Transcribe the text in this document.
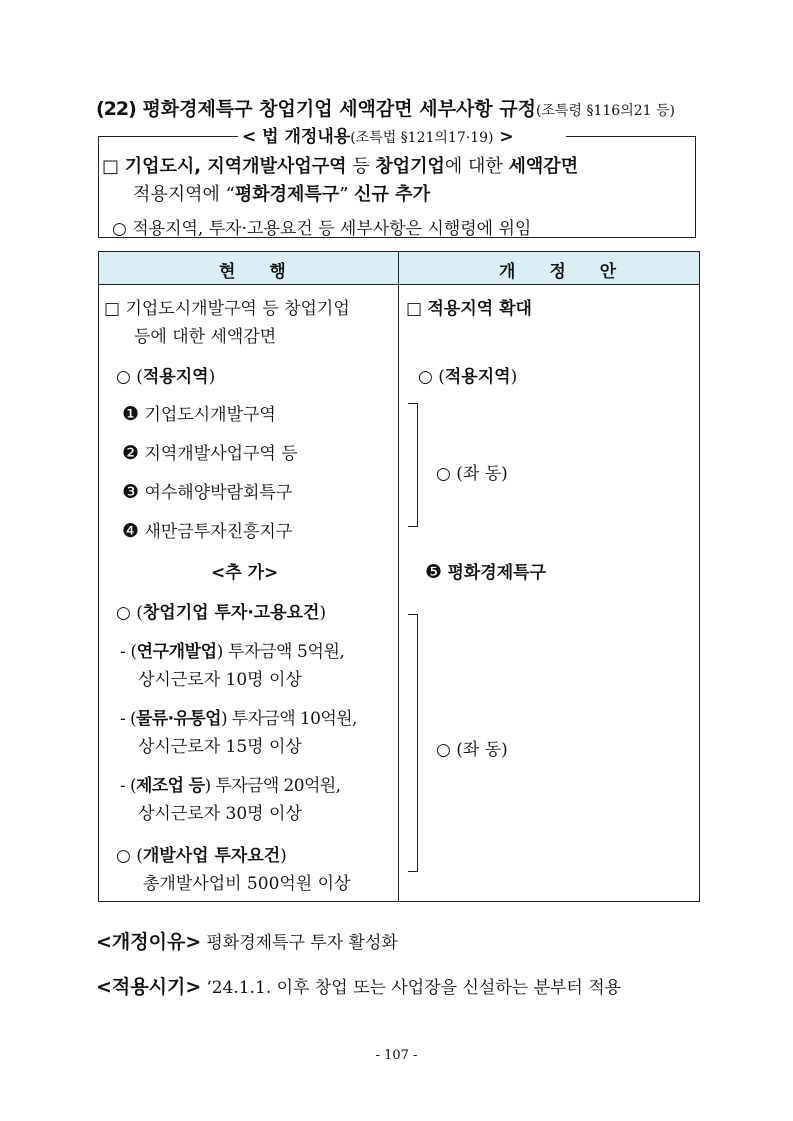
(22) 평화경제특구 창업기업 세액감면 세부사항 규정(조특령 §116의21 등)
< 법 개정내용(조특법 §121의17·19) >
□ 기업도시, 지역개발사업구역 등 창업기업에 대한 세액감면
적용지역에 “평화경제특구” 신규 추가
○ 적용지역, 투자·고용요건 등 세부사항은 시행령에 위임
현 행	개 정 안
□ 기업도시개발구역 등 창업기업
등에 대한 세액감면
○ (적용지역)
❶ 기업도시개발구역
❷ 지역개발사업구역 등
❸ 여수해양박람회특구
❹ 새만금투자진흥지구
<추 가>
○ (창업기업 투자·고용요건)
- (연구개발업) 투자금액 5억원,
상시근로자 10명 이상
- (물류·유통업) 투자금액 10억원,
상시근로자 15명 이상
- (제조업 등) 투자금액 20억원,
상시근로자 30명 이상
○ (개발사업 투자요건)
총개발사업비 500억원 이상
□ 적용지역 확대
○ (적용지역)
○ (좌 동)
❺ 평화경제특구
○ (좌 동)
<개정이유> 평화경제특구 투자 활성화
<적용시기> ‘24.1.1. 이후 창업 또는 사업장을 신설하는 분부터 적용
- 107 -
